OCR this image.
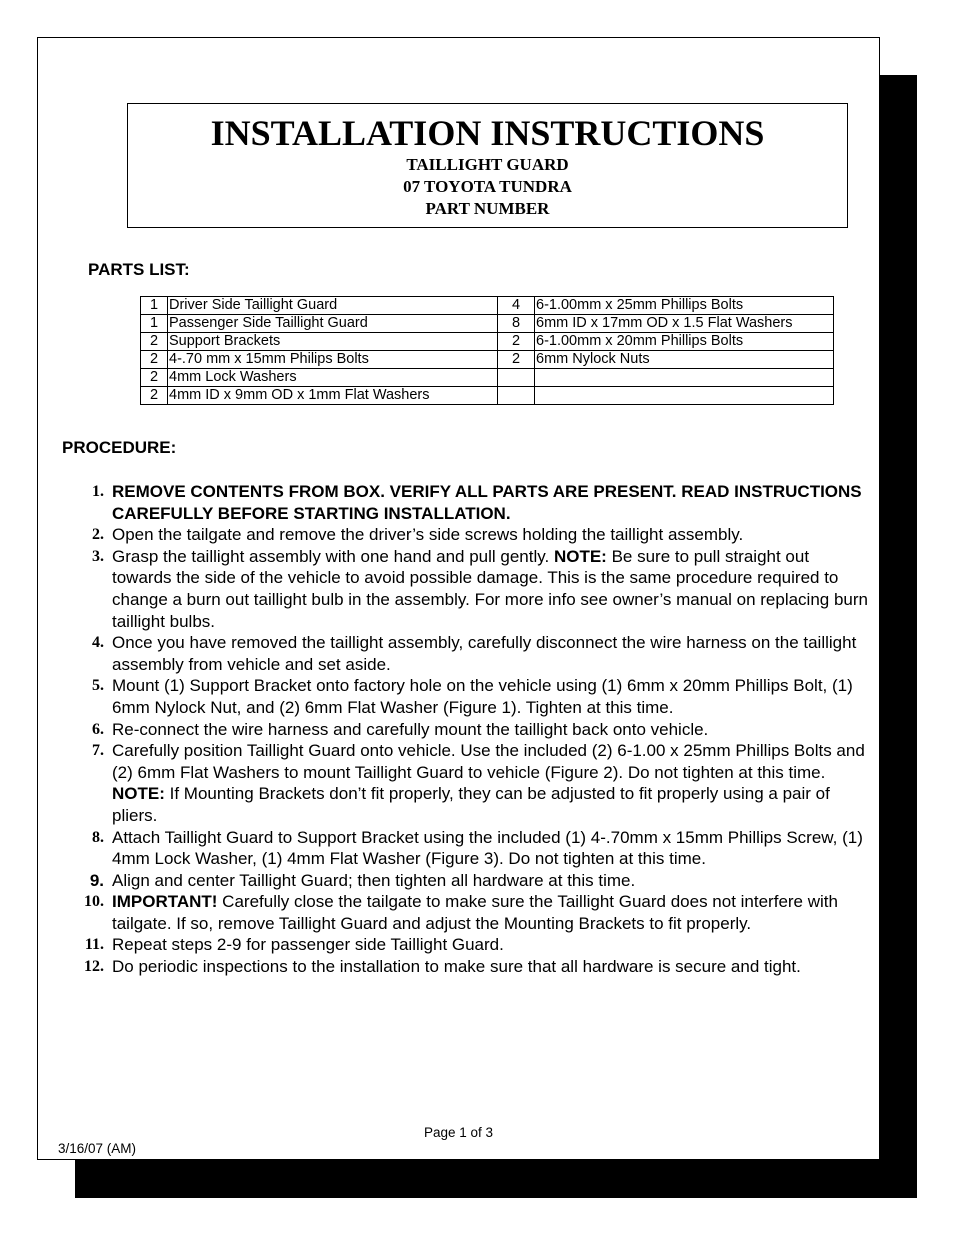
INSTALLATION INSTRUCTIONS
TAILLIGHT GUARD
07 TOYOTA TUNDRA
PART NUMBER
PARTS LIST:
1	Driver Side Taillight Guard	4	6-1.00mm x 25mm Phillips Bolts
1	Passenger Side Taillight Guard	8	6mm ID x 17mm OD x 1.5 Flat Washers
2	Support Brackets	2	6-1.00mm x 20mm Phillips Bolts
2	4-.70 mm x 15mm Philips Bolts	2	6mm Nylock Nuts
2	4mm Lock Washers		
2	4mm ID x 9mm OD x 1mm Flat Washers		
PROCEDURE:
1. REMOVE CONTENTS FROM BOX. VERIFY ALL PARTS ARE PRESENT. READ INSTRUCTIONS CAREFULLY BEFORE STARTING INSTALLATION.
2. Open the tailgate and remove the driver’s side screws holding the taillight assembly.
3. Grasp the taillight assembly with one hand and pull gently. NOTE: Be sure to pull straight out towards the side of the vehicle to avoid possible damage. This is the same procedure required to change a burn out taillight bulb in the assembly. For more info see owner’s manual on replacing burn taillight bulbs.
4. Once you have removed the taillight assembly, carefully disconnect the wire harness on the taillight assembly from vehicle and set aside.
5. Mount (1) Support Bracket onto factory hole on the vehicle using (1) 6mm x 20mm Phillips Bolt, (1) 6mm Nylock Nut, and (2) 6mm Flat Washer (Figure 1). Tighten at this time.
6. Re-connect the wire harness and carefully mount the taillight back onto vehicle.
7. Carefully position Taillight Guard onto vehicle. Use the included (2) 6-1.00 x 25mm Phillips Bolts and (2) 6mm Flat Washers to mount Taillight Guard to vehicle (Figure 2). Do not tighten at this time. NOTE: If Mounting Brackets don’t fit properly, they can be adjusted to fit properly using a pair of pliers.
8. Attach Taillight Guard to Support Bracket using the included (1) 4-.70mm x 15mm Phillips Screw, (1) 4mm Lock Washer, (1) 4mm Flat Washer (Figure 3). Do not tighten at this time.
9. Align and center Taillight Guard; then tighten all hardware at this time.
10. IMPORTANT! Carefully close the tailgate to make sure the Taillight Guard does not interfere with tailgate. If so, remove Taillight Guard and adjust the Mounting Brackets to fit properly.
11. Repeat steps 2-9 for passenger side Taillight Guard.
12. Do periodic inspections to the installation to make sure that all hardware is secure and tight.
Page 1 of 3
3/16/07 (AM)
